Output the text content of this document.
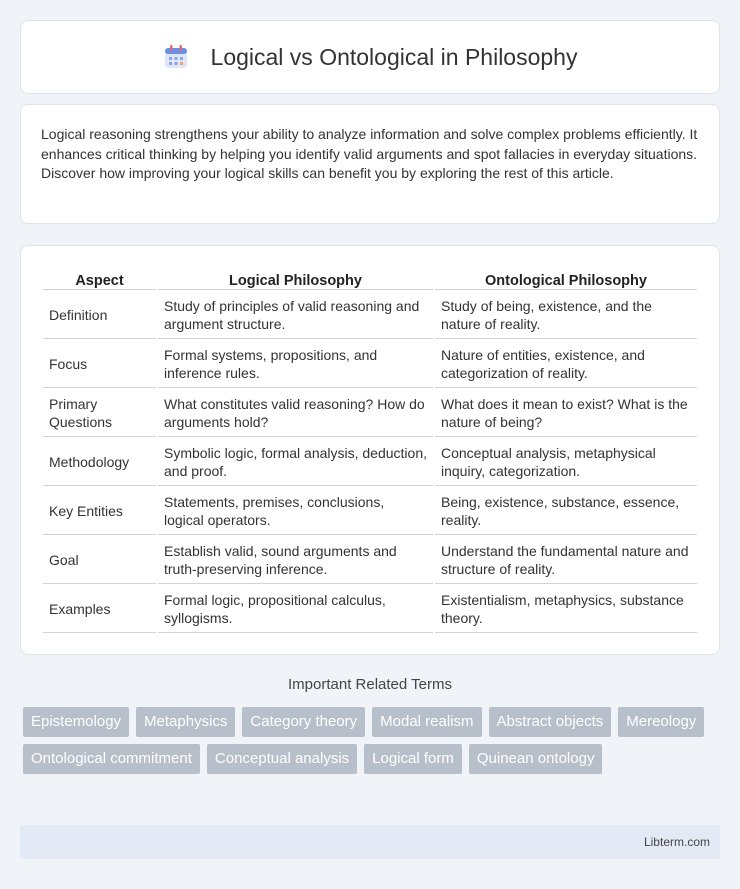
Logical vs Ontological in Philosophy

Logical reasoning strengthens your ability to analyze information and solve complex problems efficiently. It enhances critical thinking by helping you identify valid arguments and spot fallacies in everyday situations. Discover how improving your logical skills can benefit you by exploring the rest of this article.

Aspect	Logical Philosophy	Ontological Philosophy
Definition	Study of principles of valid reasoning and argument structure.	Study of being, existence, and the nature of reality.
Focus	Formal systems, propositions, and inference rules.	Nature of entities, existence, and categorization of reality.
Primary Questions	What constitutes valid reasoning? How do arguments hold?	What does it mean to exist? What is the nature of being?
Methodology	Symbolic logic, formal analysis, deduction, and proof.	Conceptual analysis, metaphysical inquiry, categorization.
Key Entities	Statements, premises, conclusions, logical operators.	Being, existence, substance, essence, reality.
Goal	Establish valid, sound arguments and truth-preserving inference.	Understand the fundamental nature and structure of reality.
Examples	Formal logic, propositional calculus, syllogisms.	Existentialism, metaphysics, substance theory.
Important Related Terms
Epistemology	Metaphysics	Category theory	Modal realism	Abstract objects	Mereology
Ontological commitment	Conceptual analysis	Logical form	Quinean ontology
Libterm.com
